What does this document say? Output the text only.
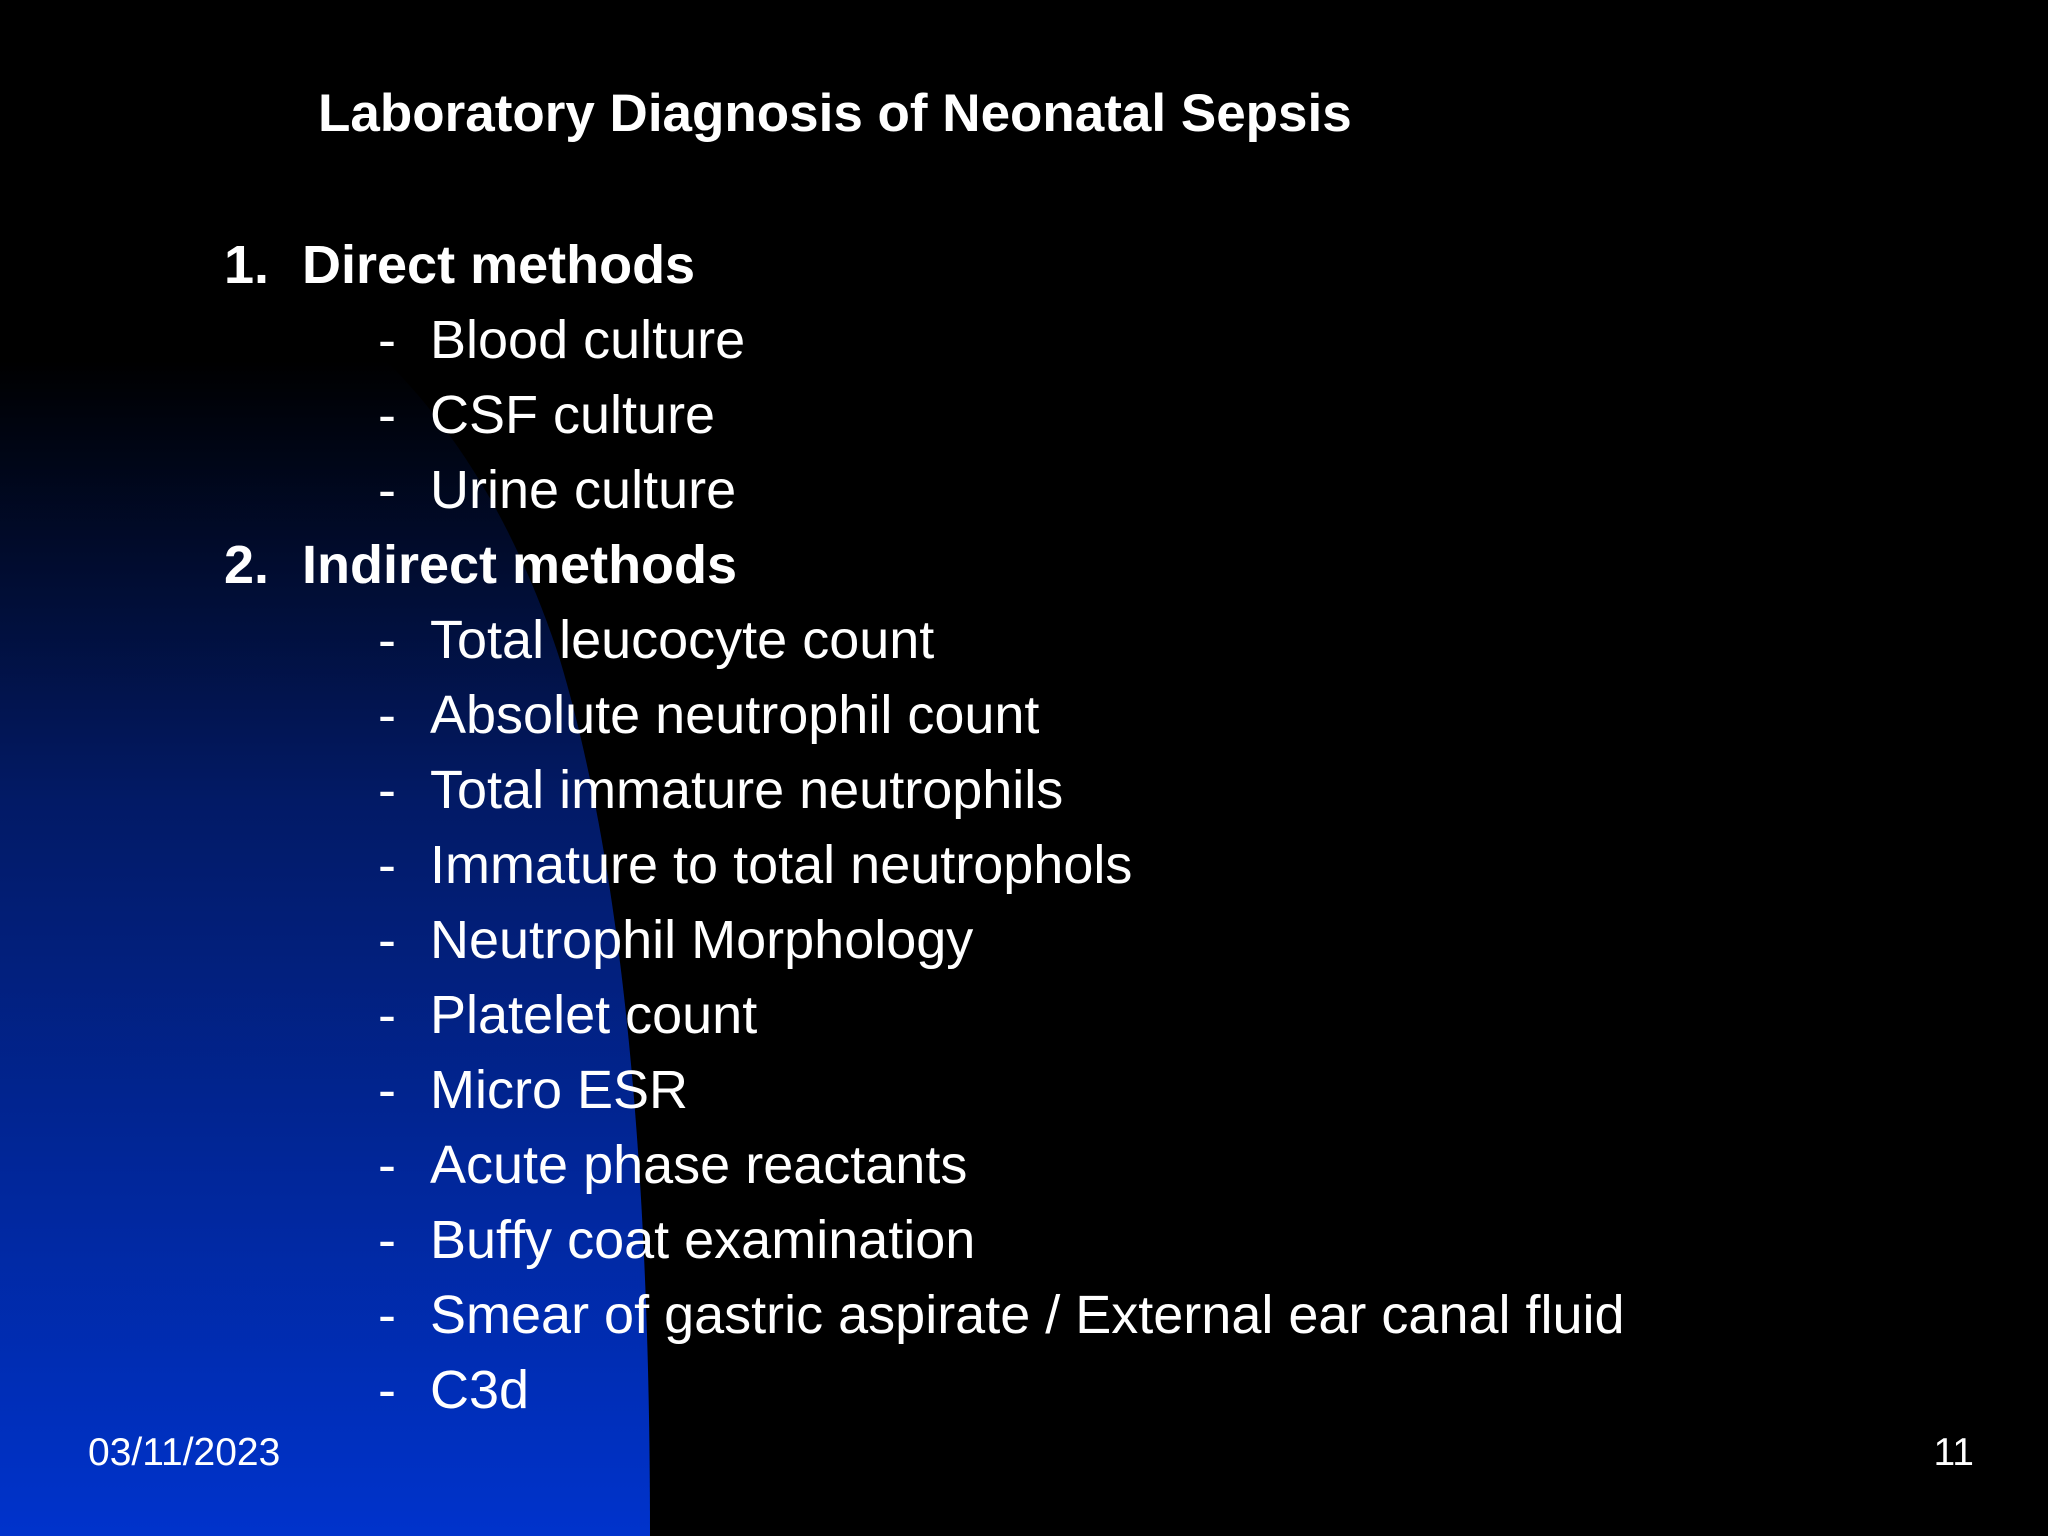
Laboratory Diagnosis of Neonatal Sepsis
1. Direct methods
- Blood culture
- CSF culture
- Urine culture
2. Indirect methods
- Total leucocyte count
- Absolute neutrophil count
- Total immature neutrophils
- Immature to total neutrophols
- Neutrophil Morphology
- Platelet count
- Micro ESR
- Acute phase reactants
- Buffy coat examination
- Smear of gastric aspirate / External ear canal fluid
- C3d
03/11/2023	11
